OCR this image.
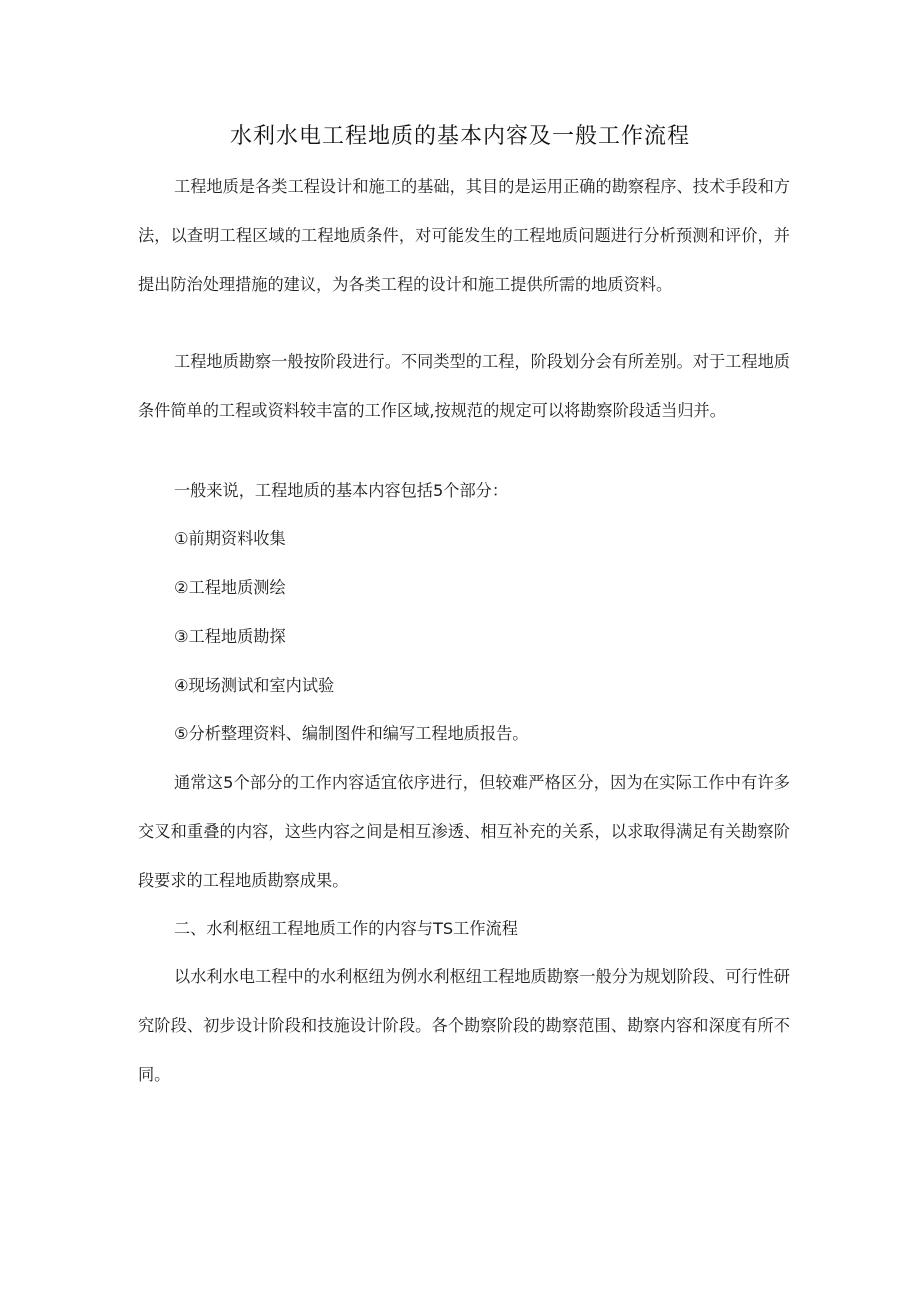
水利水电工程地质的基本内容及一般工作流程

工程地质是各类工程设计和施工的基础，其目的是运用正确的勘察程序、技术手段和方法，以查明工程区域的工程地质条件，对可能发生的工程地质问题进行分析预测和评价，并提出防治处理措施的建议，为各类工程的设计和施工提供所需的地质资料。

工程地质勘察一般按阶段进行。不同类型的工程，阶段划分会有所差别。对于工程地质条件简单的工程或资料较丰富的工作区域,按规范的规定可以将勘察阶段适当归并。

一般来说，工程地质的基本内容包括5个部分：

①前期资料收集

②工程地质测绘

③工程地质勘探

④现场测试和室内试验

⑤分析整理资料、编制图件和编写工程地质报告。

通常这5个部分的工作内容适宜依序进行，但较难严格区分，因为在实际工作中有许多交叉和重叠的内容，这些内容之间是相互渗透、相互补充的关系，以求取得满足有关勘察阶段要求的工程地质勘察成果。

二、水利枢纽工程地质工作的内容与TS工作流程

以水利水电工程中的水利枢纽为例水利枢纽工程地质勘察一般分为规划阶段、可行性研究阶段、初步设计阶段和技施设计阶段。各个勘察阶段的勘察范围、勘察内容和深度有所不同。
